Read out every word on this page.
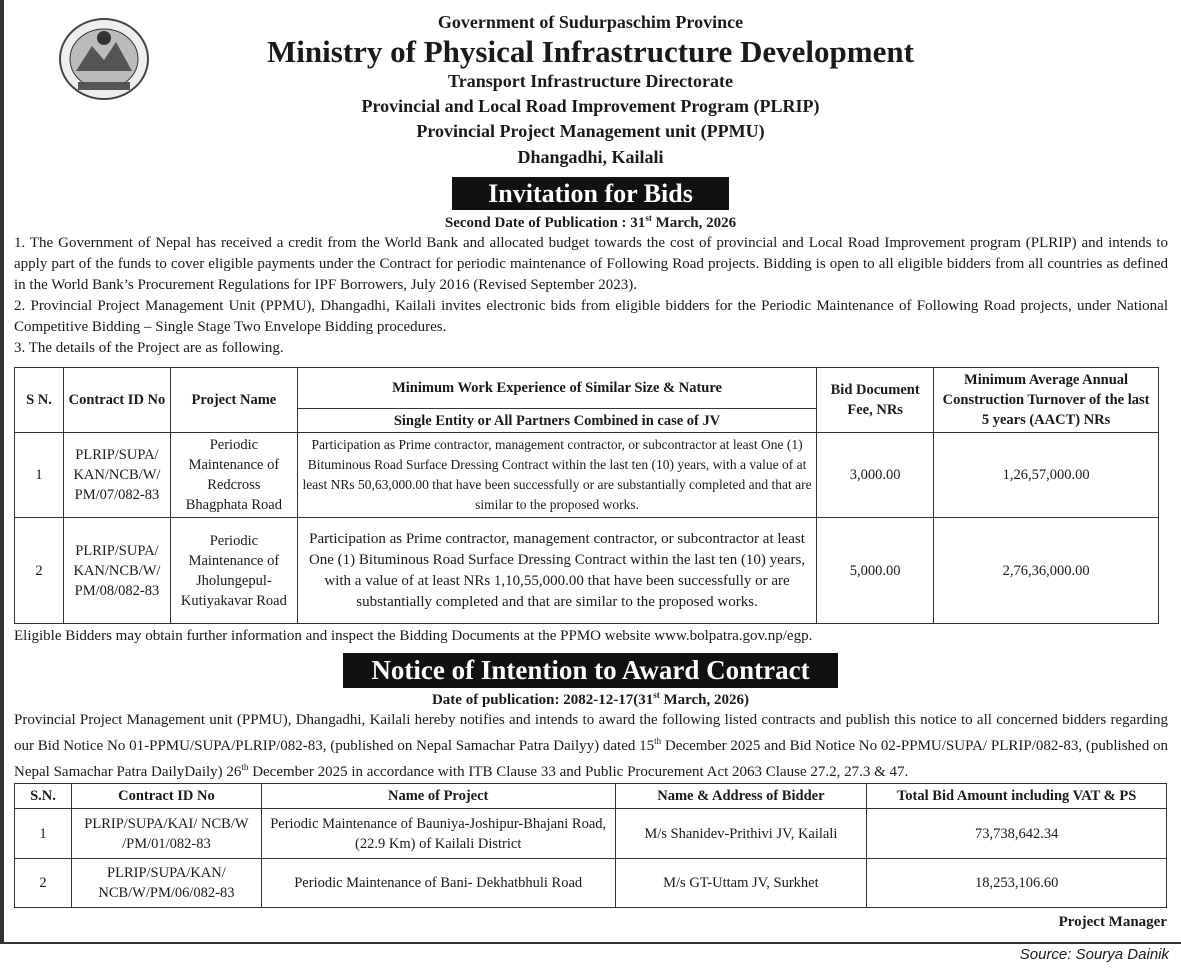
Government of Sudurpaschim Province
Ministry of Physical Infrastructure Development
Transport Infrastructure Directorate
Provincial and Local Road Improvement Program (PLRIP)
Provincial Project Management unit (PPMU)
Dhangadhi, Kailali
Invitation for Bids
Second Date of Publication : 31st March, 2026
1. The Government of Nepal has received a credit from the World Bank and allocated budget towards the cost of provincial and Local Road Improvement program (PLRIP) and intends to apply part of the funds to cover eligible payments under the Contract for periodic maintenance of Following Road projects. Bidding is open to all eligible bidders from all countries as defined in the World Bank’s Procurement Regulations for IPF Borrowers, July 2016 (Revised September 2023).
2. Provincial Project Management Unit (PPMU), Dhangadhi, Kailali invites electronic bids from eligible bidders for the Periodic Maintenance of Following Road projects, under National Competitive Bidding – Single Stage Two Envelope Bidding procedures.
3. The details of the Project are as following.
S N.	Contract ID No	Project Name	Minimum Work Experience of Similar Size & Nature	Bid Document Fee, NRs	Minimum Average Annual Construction Turnover of the last 5 years (AACT) NRs
			Single Entity or All Partners Combined in case of JV		
1	PLRIP/SUPA/ KAN/NCB/W/ PM/07/082-83	Periodic Maintenance of Redcross Bhagphata Road	Participation as Prime contractor, management contractor, or subcontractor at least One (1) Bituminous Road Surface Dressing Contract within the last ten (10) years, with a value of at least NRs 50,63,000.00 that have been successfully or are substantially completed and that are similar to the proposed works.	3,000.00	1,26,57,000.00
2	PLRIP/SUPA/ KAN/NCB/W/ PM/08/082-83	Periodic Maintenance of Jholungepul-Kutiyakavar Road	Participation as Prime contractor, management contractor, or subcontractor at least One (1) Bituminous Road Surface Dressing Contract within the last ten (10) years, with a value of at least NRs 1,10,55,000.00 that have been successfully or are substantially completed and that are similar to the proposed works.	5,000.00	2,76,36,000.00
Eligible Bidders may obtain further information and inspect the Bidding Documents at the PPMO website www.bolpatra.gov.np/egp.
Notice of Intention to Award Contract
Date of publication: 2082-12-17(31st March, 2026)
Provincial Project Management unit (PPMU), Dhangadhi, Kailali hereby notifies and intends to award the following listed contracts and publish this notice to all concerned bidders regarding our Bid Notice No 01-PPMU/SUPA/PLRIP/082-83, (published on Nepal Samachar Patra Dailyy) dated 15th December 2025 and Bid Notice No 02-PPMU/SUPA/ PLRIP/082-83, (published on Nepal Samachar Patra DailyDaily) 26th December 2025 in accordance with ITB Clause 33 and Public Procurement Act 2063 Clause 27.2, 27.3 & 47.
S.N.	Contract ID No	Name of Project	Name & Address of Bidder	Total Bid Amount including VAT & PS
1	PLRIP/SUPA/KAI/ NCB/W /PM/01/082-83	Periodic Maintenance of Bauniya-Joshipur-Bhajani Road, (22.9 Km) of Kailali District	M/s Shanidev-Prithivi JV, Kailali	73,738,642.34
2	PLRIP/SUPA/KAN/ NCB/W/PM/06/082-83	Periodic Maintenance of Bani- Dekhatbhuli Road	M/s GT-Uttam JV, Surkhet	18,253,106.60
Project Manager
Source: Sourya Dainik
